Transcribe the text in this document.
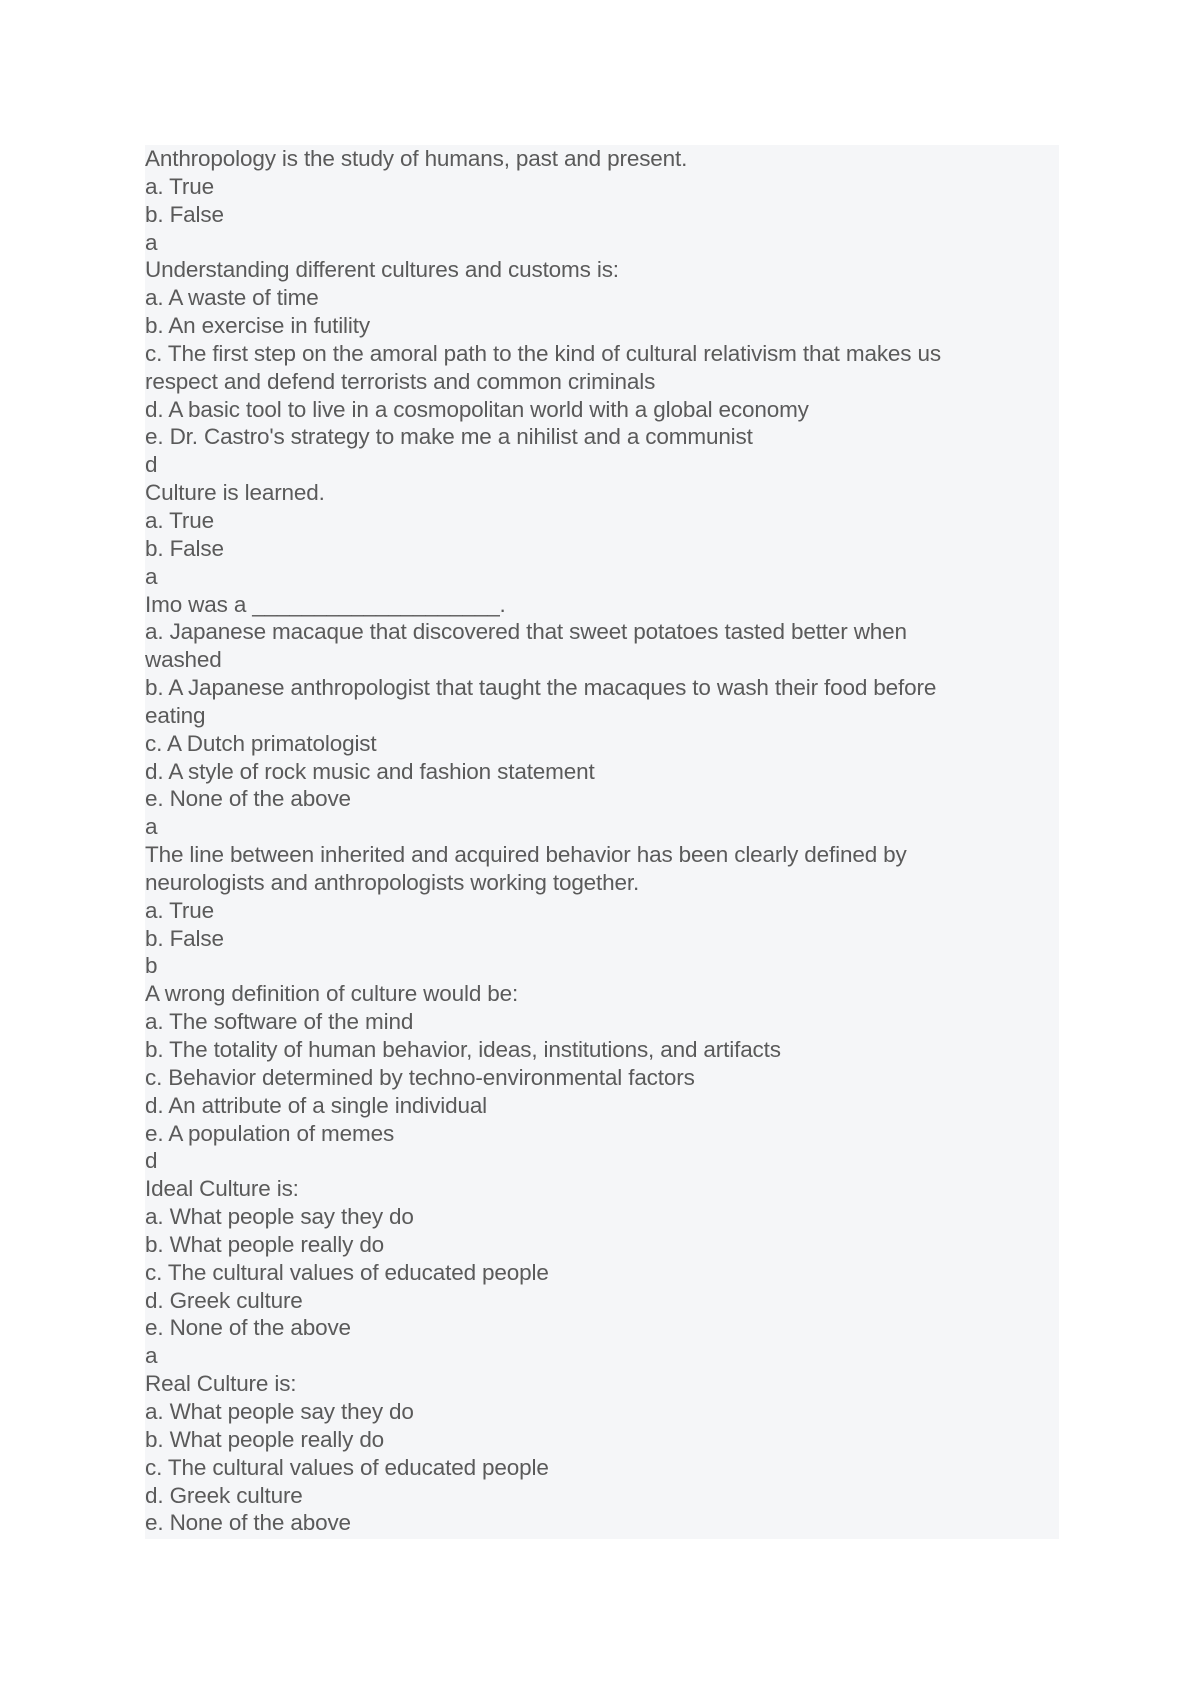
Anthropology is the study of humans, past and present.
a. True
b. False
a
Understanding different cultures and customs is:
a. A waste of time
b. An exercise in futility
c. The first step on the amoral path to the kind of cultural relativism that makes us
respect and defend terrorists and common criminals
d. A basic tool to live in a cosmopolitan world with a global economy
e. Dr. Castro's strategy to make me a nihilist and a communist
d
Culture is learned.
a. True
b. False
a
Imo was a ____________________.
a. Japanese macaque that discovered that sweet potatoes tasted better when
washed
b. A Japanese anthropologist that taught the macaques to wash their food before
eating
c. A Dutch primatologist
d. A style of rock music and fashion statement
e. None of the above
a
The line between inherited and acquired behavior has been clearly defined by
neurologists and anthropologists working together.
a. True
b. False
b
A wrong definition of culture would be:
a. The software of the mind
b. The totality of human behavior, ideas, institutions, and artifacts
c. Behavior determined by techno-environmental factors
d. An attribute of a single individual
e. A population of memes
d
Ideal Culture is:
a. What people say they do
b. What people really do
c. The cultural values of educated people
d. Greek culture
e. None of the above
a
Real Culture is:
a. What people say they do
b. What people really do
c. The cultural values of educated people
d. Greek culture
e. None of the above
